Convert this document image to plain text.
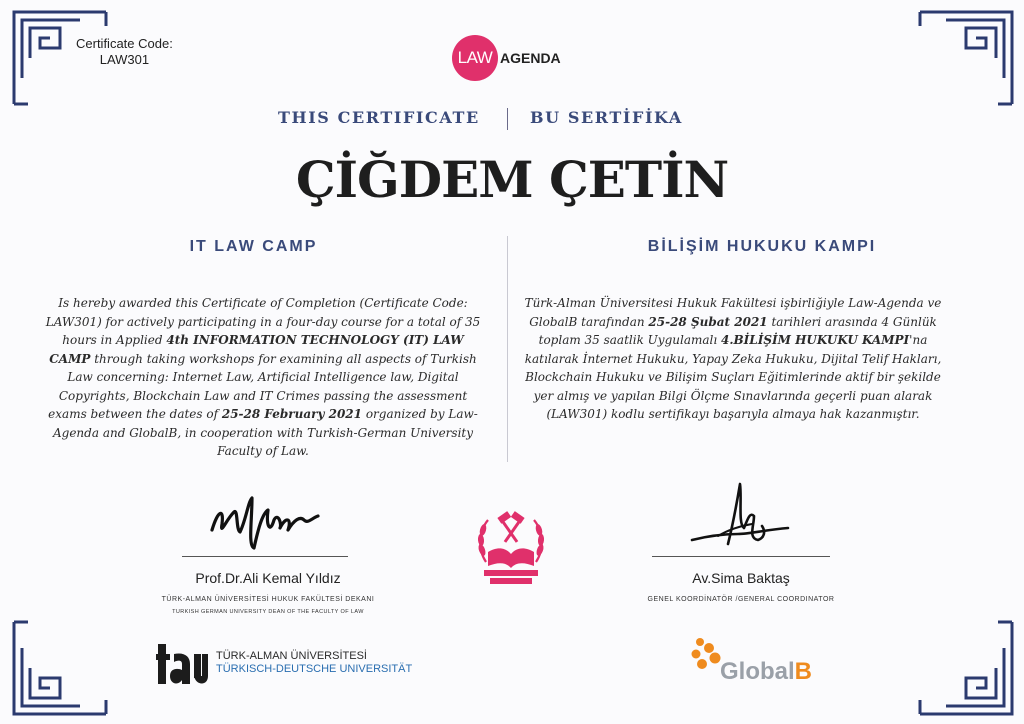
Certificate Code:
LAW301	LAW AGENDA
THIS CERTIFICATE	BU SERTİFİKA
ÇİĞDEM ÇETİN
IT LAW CAMP	BİLİŞİM HUKUKU KAMPI
Is hereby awarded this Certificate of Completion (Certificate Code: LAW301) for actively participating in a four-day course for a total of 35 hours in Applied 4th INFORMATION TECHNOLOGY (IT) LAW CAMP through taking workshops for examining all aspects of Turkish Law concerning: Internet Law, Artificial Intelligence law, Digital Copyrights, Blockchain Law and IT Crimes passing the assessment exams between the dates of 25-28 February 2021 organized by Law-Agenda and GlobalB, in cooperation with Turkish-German University Faculty of Law.
Türk-Alman Üniversitesi Hukuk Fakültesi işbirliğiyle Law-Agenda ve GlobalB tarafından 25-28 Şubat 2021 tarihleri arasında 4 Günlük toplam 35 saatlik Uygulamalı 4.BİLİŞİM HUKUKU KAMPI'na katılarak İnternet Hukuku, Yapay Zeka Hukuku, Dijital Telif Hakları, Blockchain Hukuku ve Bilişim Suçları Eğitimlerinde aktif bir şekilde yer almış ve yapılan Bilgi Ölçme Sınavlarında geçerli puan alarak (LAW301) kodlu sertifikayı başarıyla almaya hak kazanmıştır.
Prof.Dr.Ali Kemal Yıldız
TÜRK-ALMAN ÜNİVERSİTESİ HUKUK FAKÜLTESİ DEKANI
TURKISH GERMAN UNIVERSITY DEAN OF THE FACULTY OF LAW
Av.Sima Baktaş
GENEL KOORDİNATÖR /GENERAL COORDINATOR
TÜRK-ALMAN ÜNİVERSİTESİ
TÜRKISCH-DEUTSCHE UNIVERSITÄT	GlobalB
